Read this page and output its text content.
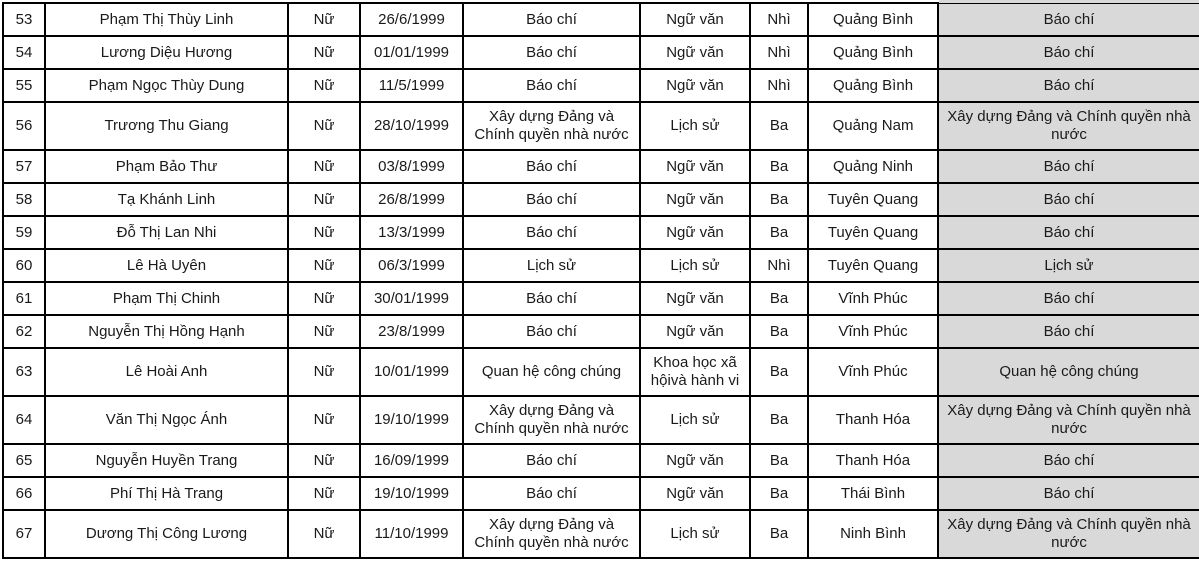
53	Phạm Thị Thùy Linh	Nữ	26/6/1999	Báo chí	Ngữ văn	Nhì	Quảng Bình	Báo chí
54	Lương Diệu Hương	Nữ	01/01/1999	Báo chí	Ngữ văn	Nhì	Quảng Bình	Báo chí
55	Phạm Ngọc Thùy Dung	Nữ	11/5/1999	Báo chí	Ngữ văn	Nhì	Quảng Bình	Báo chí
56	Trương Thu Giang	Nữ	28/10/1999	Xây dựng Đảng và Chính quyền nhà nước	Lịch sử	Ba	Quảng Nam	Xây dựng Đảng và Chính quyền nhà nước
57	Phạm Bảo Thư	Nữ	03/8/1999	Báo chí	Ngữ văn	Ba	Quảng Ninh	Báo chí
58	Tạ Khánh Linh	Nữ	26/8/1999	Báo chí	Ngữ văn	Ba	Tuyên Quang	Báo chí
59	Đỗ Thị Lan Nhi	Nữ	13/3/1999	Báo chí	Ngữ văn	Ba	Tuyên Quang	Báo chí
60	Lê Hà Uyên	Nữ	06/3/1999	Lịch sử	Lịch sử	Nhì	Tuyên Quang	Lịch sử
61	Phạm Thị Chinh	Nữ	30/01/1999	Báo chí	Ngữ văn	Ba	Vĩnh Phúc	Báo chí
62	Nguyễn Thị Hồng Hạnh	Nữ	23/8/1999	Báo chí	Ngữ văn	Ba	Vĩnh Phúc	Báo chí
63	Lê Hoài Anh	Nữ	10/01/1999	Quan hệ công chúng	Khoa học xã hộivà hành vi	Ba	Vĩnh Phúc	Quan hệ công chúng
64	Văn Thị Ngọc Ánh	Nữ	19/10/1999	Xây dựng Đảng và Chính quyền nhà nước	Lịch sử	Ba	Thanh Hóa	Xây dựng Đảng và Chính quyền nhà nước
65	Nguyễn Huyền Trang	Nữ	16/09/1999	Báo chí	Ngữ văn	Ba	Thanh Hóa	Báo chí
66	Phí Thị Hà Trang	Nữ	19/10/1999	Báo chí	Ngữ văn	Ba	Thái Bình	Báo chí
67	Dương Thị Công Lương	Nữ	11/10/1999	Xây dựng Đảng và Chính quyền nhà nước	Lịch sử	Ba	Ninh Bình	Xây dựng Đảng và Chính quyền nhà nước
